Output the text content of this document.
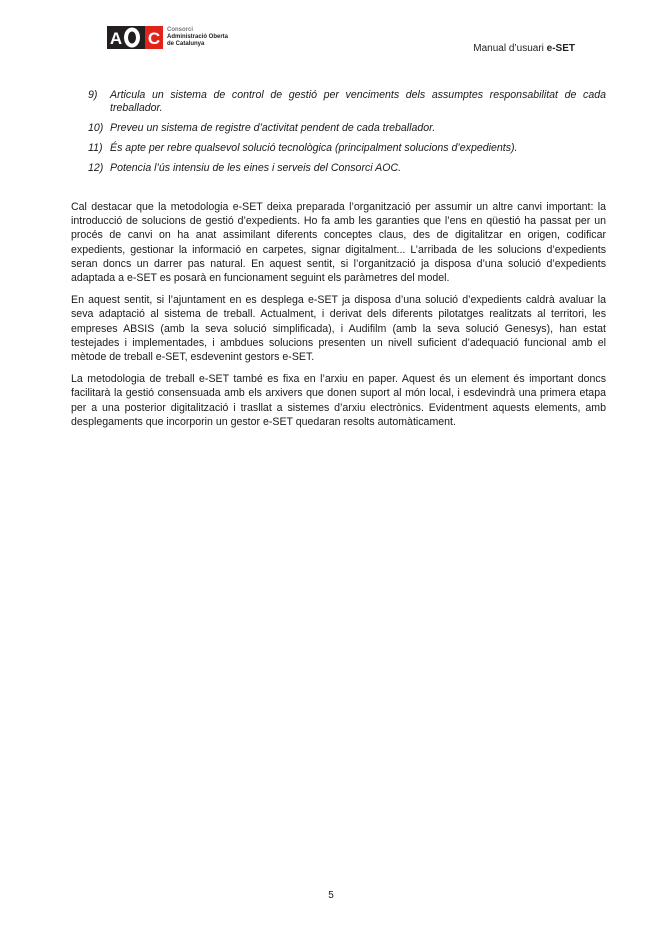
A C Consorci
Administració Oberta
de Catalunya	Manual d’usuari e-SET
9)	Articula un sistema de control de gestió per venciments dels assumptes responsabilitat de cada treballador.
10) Preveu un sistema de registre d’activitat pendent de cada treballador.
11) És apte per rebre qualsevol solució tecnològica (principalment solucions d’expedients).
12) Potencia l’ús intensiu de les eines i serveis del Consorci AOC.

Cal destacar que la metodologia e-SET deixa preparada l’organització per assumir un altre canvi important: la introducció de solucions de gestió d’expedients. Ho fa amb les garanties que l’ens en qüestió ha passat per un procés de canvi on ha anat assimilant diferents conceptes claus, des de digitalitzar en origen, codificar expedients, gestionar la informació en carpetes, signar digitalment... L’arribada de les solucions d’expedients seran doncs un darrer pas natural. En aquest sentit, si l’organització ja disposa d’una solució d’expedients adaptada a e-SET es posarà en funcionament seguint els paràmetres del model.

En aquest sentit, si l’ajuntament en es desplega e-SET ja disposa d’una solució d’expedients caldrà avaluar la seva adaptació al sistema de treball. Actualment, i derivat dels diferents pilotatges realitzats al territori, les empreses ABSIS (amb la seva solució simplificada), i Audifilm (amb la seva solució Genesys), han estat testejades i implementades, i ambdues solucions presenten un nivell suficient d’adequació funcional amb el mètode de treball e-SET, esdevenint gestors e-SET.

La metodologia de treball e-SET també es fixa en l’arxiu en paper. Aquest és un element és important doncs facilitarà la gestió consensuada amb els arxivers que donen suport al món local, i esdevindrà una primera etapa per a una posterior digitalització i trasllat a sistemes d’arxiu electrònics. Evidentment aquests elements, amb desplegaments que incorporin un gestor e-SET quedaran resolts automàticament.

5
